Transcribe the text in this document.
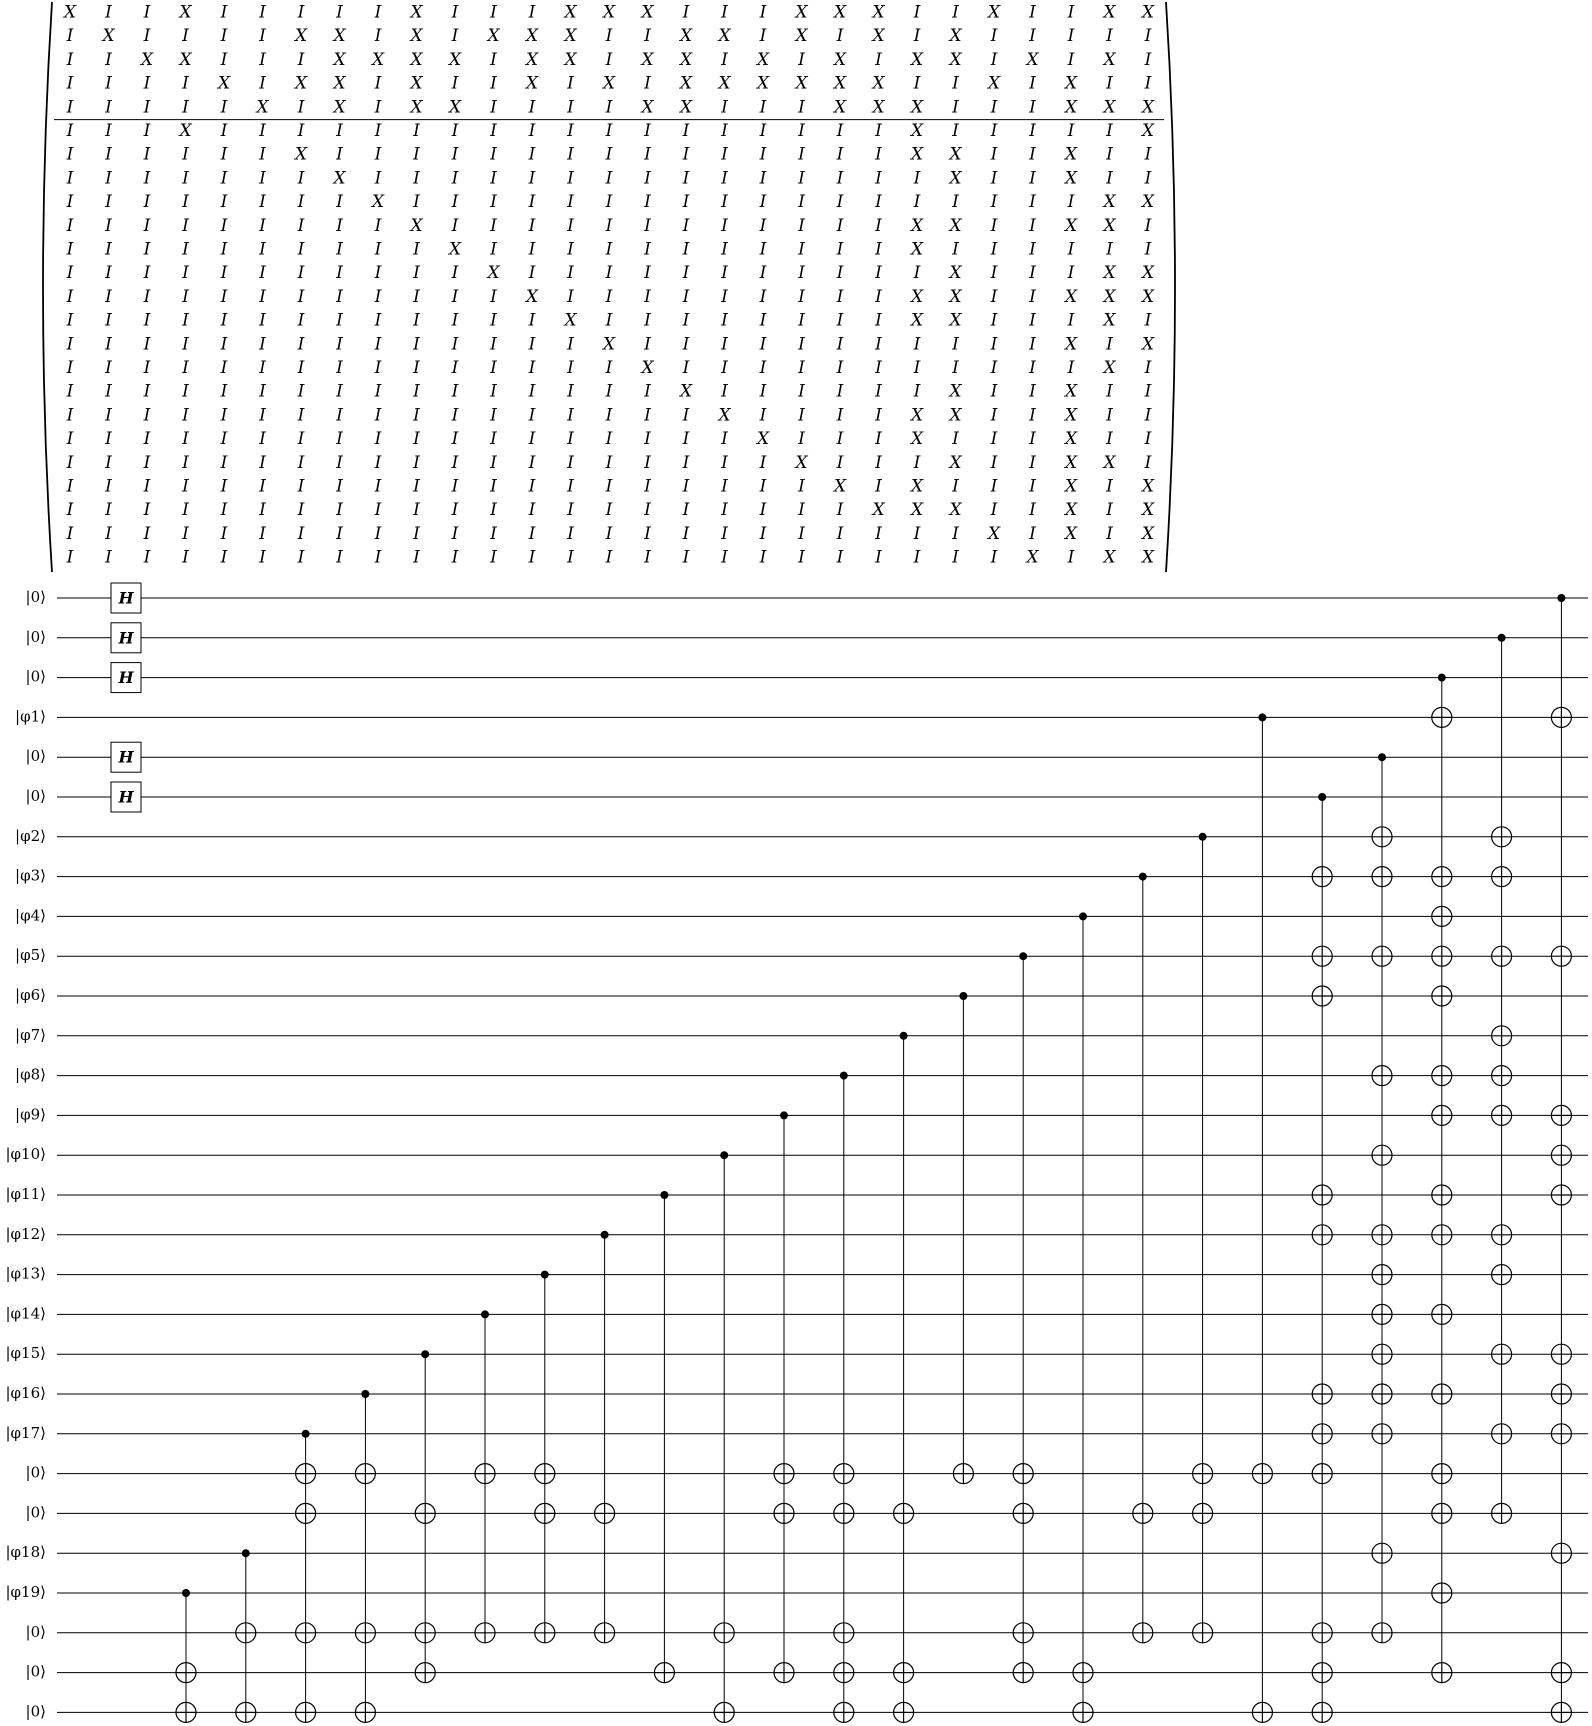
X I I X I I I I I X I I I X X X I I I X X X I I X I I X X
I X I I I I X X I X I X X X I I X X I X I X I X I I I I I
I I X X I I I X X X X I X X I X X I X I X I X X I X I X I
I I I I X I X X I X I I X I X I X X X X X X I I X I X I I
I I I I I X I X I X X I I I I X X I I I X X X I I I X X X
I I I X I I I I I I I I I I I I I I I I I I X I I I I I X
I I I I I I X I I I I I I I I I I I I I I I X X I I X I I
I I I I I I I X I I I I I I I I I I I I I I I X I I X I I
I I I I I I I I X I I I I I I I I I I I I I I I I I I X X
I I I I I I I I I X I I I I I I I I I I I I X X I I X X I
I I I I I I I I I I X I I I I I I I I I I I X I I I I I I
I I I I I I I I I I I X I I I I I I I I I I I X I I I X X
I I I I I I I I I I I I X I I I I I I I I I X X I I X X X
I I I I I I I I I I I I I X I I I I I I I I X X I I I X I
I I I I I I I I I I I I I I X I I I I I I I I I I I X I X
I I I I I I I I I I I I I I I X I I I I I I I I I I I X I
I I I I I I I I I I I I I I I I X I I I I I I X I I X I I
I I I I I I I I I I I I I I I I I X I I I I X X I I X I I
I I I I I I I I I I I I I I I I I I X I I I X I I I X I I
I I I I I I I I I I I I I I I I I I I X I I I X I I X X I
I I I I I I I I I I I I I I I I I I I I X I X I I I X I X
I I I I I I I I I I I I I I I I I I I I I X X X I I X I X
I I I I I I I I I I I I I I I I I I I I I I I I X I X I X
I I I I I I I I I I I I I I I I I I I I I I I I I X I X X
|0⟩
|0⟩
|0⟩
|φ1⟩
|0⟩
|0⟩
|φ2⟩
|φ3⟩
|φ4⟩
|φ5⟩
|φ6⟩
|φ7⟩
|φ8⟩
|φ9⟩
|φ10⟩
|φ11⟩
|φ12⟩
|φ13⟩
|φ14⟩
|φ15⟩
|φ16⟩
|φ17⟩
|0⟩
|0⟩
|φ18⟩
|φ19⟩
|0⟩
|0⟩
|0⟩
H
H
H
H
H
